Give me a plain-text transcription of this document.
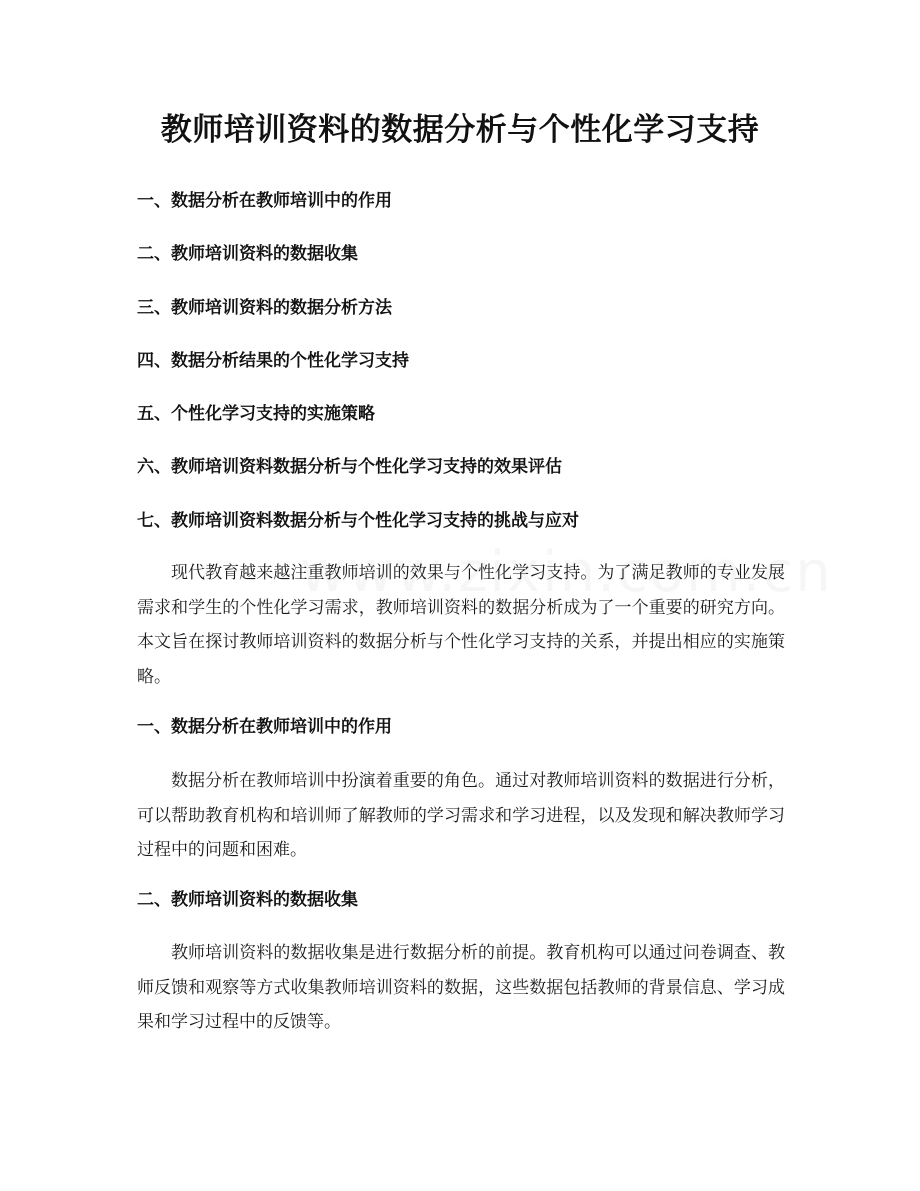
教师培训资料的数据分析与个性化学习支持
一、数据分析在教师培训中的作用
二、教师培训资料的数据收集
三、教师培训资料的数据分析方法
四、数据分析结果的个性化学习支持
五、个性化学习支持的实施策略
六、教师培训资料数据分析与个性化学习支持的效果评估
七、教师培训资料数据分析与个性化学习支持的挑战与应对

现代教育越来越注重教师培训的效果与个性化学习支持。为了满足教师的专业发展需求和学生的个性化学习需求，教师培训资料的数据分析成为了一个重要的研究方向。本文旨在探讨教师培训资料的数据分析与个性化学习支持的关系，并提出相应的实施策略。

一、数据分析在教师培训中的作用

数据分析在教师培训中扮演着重要的角色。通过对教师培训资料的数据进行分析，可以帮助教育机构和培训师了解教师的学习需求和学习进程，以及发现和解决教师学习过程中的问题和困难。

二、教师培训资料的数据收集

教师培训资料的数据收集是进行数据分析的前提。教育机构可以通过问卷调查、教师反馈和观察等方式收集教师培训资料的数据，这些数据包括教师的背景信息、学习成果和学习过程中的反馈等。
